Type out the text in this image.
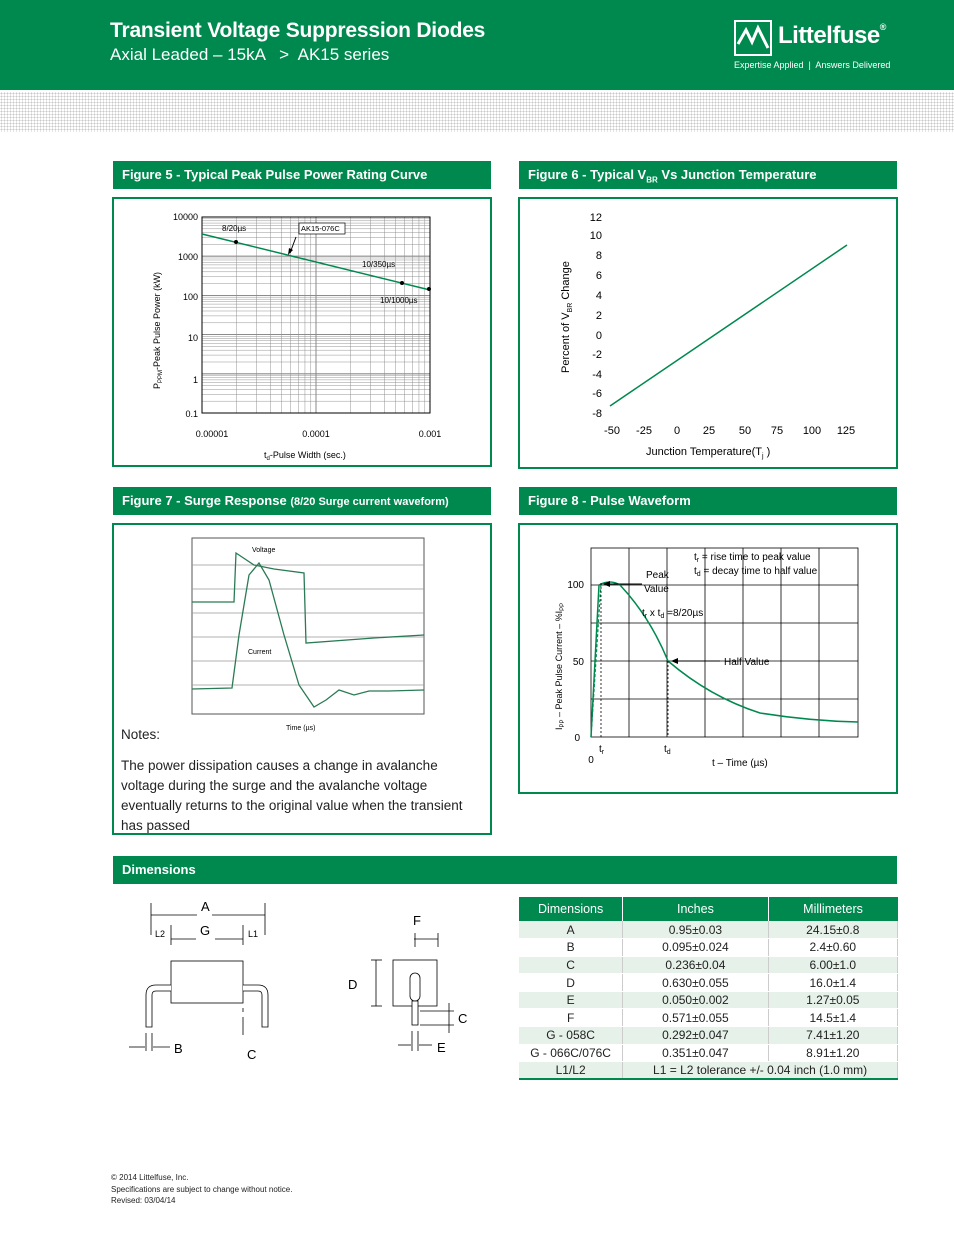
Transient Voltage Suppression Diodes
Axial Leaded – 15kA   >  AK15 series
Littelfuse®
Expertise Applied  |  Answers Delivered
Figure 5 - Typical Peak Pulse Power Rating Curve
10000
1000
100
10
1
0.1
0.00001	0.0001	0.001
$P_{PPM}$-Peak Pulse Power (kW)
$t_d$-Pulse Width (sec.)
8/20µs	AK15-076C
10/350µs
10/1000µs
Figure 6 - Typical $V_{BR}$ Vs Junction Temperature
12
10
8
6
4
2
0
-2
-4
-6
-8
-50 -25 0 25 50 75 100 125
Percent of $V_{BR}$ Change
Junction $Temperature(T_j$ )
Figure 7 - Surge Response (8/20 Surge current waveform)
Voltage
Current
Time (µs)
Notes:
The power dissipation causes a change in avalanche voltage during the surge and the avalanche voltage eventually returns to the original value when the transient has passed
Figure 8 - Pulse Waveform
100
50
0
0
$I_{PP}$ – Peak Pulse Current – $\%I_{PP}$
$t_r$ = rise time to peak value
$t_d$ = decay time to half value
Peak
Value
$t_r$ x $t_d =8/20\mu s$
Half Value
$t_r$	$t_d$
t – Time (µs)
Dimensions
A
G
B	C
D
F
C
E
L2	L1
Dimensions	Inches	Millimeters
A	0.95±0.03	24.15±0.8
B	0.095±0.024	2.4±0.60
C	0.236±0.04	6.00±1.0
D	0.630±0.055	16.0±1.4
E	0.050±0.002	1.27±0.05
F	0.571±0.055	14.5±1.4
G - 058C	0.292±0.047	7.41±1.20
G - 066C/076C	0.351±0.047	8.91±1.20
L1/L2	L1 = L2 tolerance +/- 0.04 inch (1.0 mm)	
© 2014 Littelfuse, Inc.
Specifications are subject to change without notice.
Revised: 03/04/14
